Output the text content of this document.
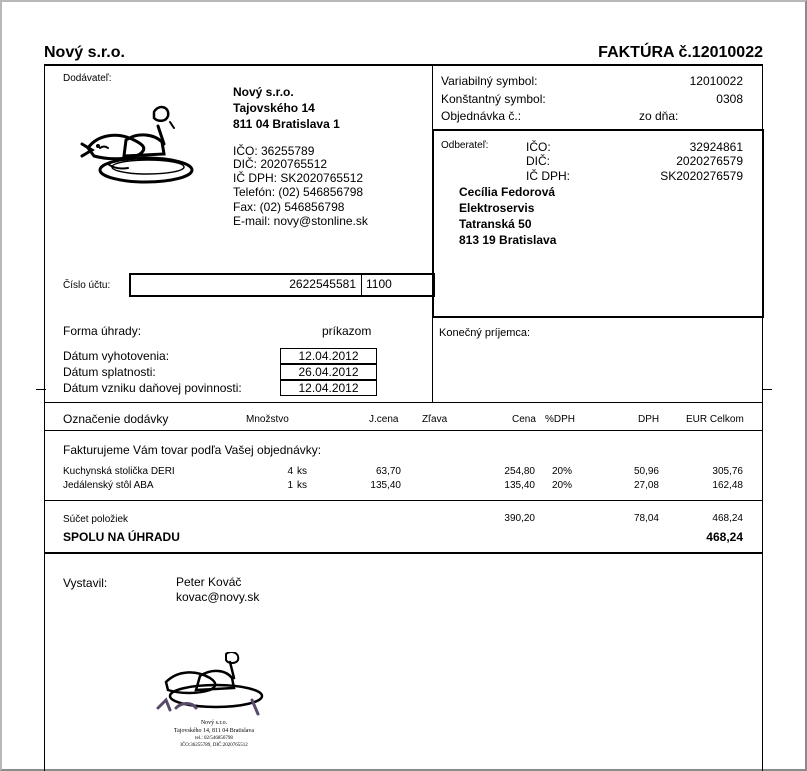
Nový s.r.o.	FAKTÚRA č.12010022
Dodávateľ:
Nový s.r.o.
Tajovského 14
811 04 Bratislava 1
IČO: 36255789
DIČ: 2020765512
IČ DPH: SK2020765512
Telefón: (02) 546856798
Fax: (02) 546856798
E-mail: novy@stonline.sk
Variabilný symbol:	12010022
Konštantný symbol:	0308
Objednávka č.:	zo dňa:
Odberateľ:	IČO:	32924861
DIČ:	2020276579
IČ DPH:	SK2020276579
Cecília Fedorová
Elektroservis
Tatranská 50
813 19 Bratislava
Číslo účtu:	2622545581 1100
Forma úhrady:	príkazom	Konečný príjemca:
Dátum vyhotovenia:	12.04.2012
Dátum splatnosti:	26.04.2012
Dátum vzniku daňovej povinnosti:	12.04.2012
Označenie dodávky	Množstvo	J.cena Zľava	Cena %DPH	DPH	EUR Celkom
Fakturujeme Vám tovar podľa Vašej objednávky:
Kuchynská stolička DERI	4 ks	63,70	254,80 20%	50,96	305,76
Jedálenský stôl ABA	1 ks	135,40	135,40 20%	27,08	162,48
Súčet položiek	390,20	78,04	468,24
SPOLU NA ÚHRADU	468,24
Vystavil:	Peter Kováč
kovac@novy.sk
Nový s.r.o.
Tajovského 14, 811 04 Bratislava
tel.: 02/546856798
IČO:36255789, DIČ:2020765512
